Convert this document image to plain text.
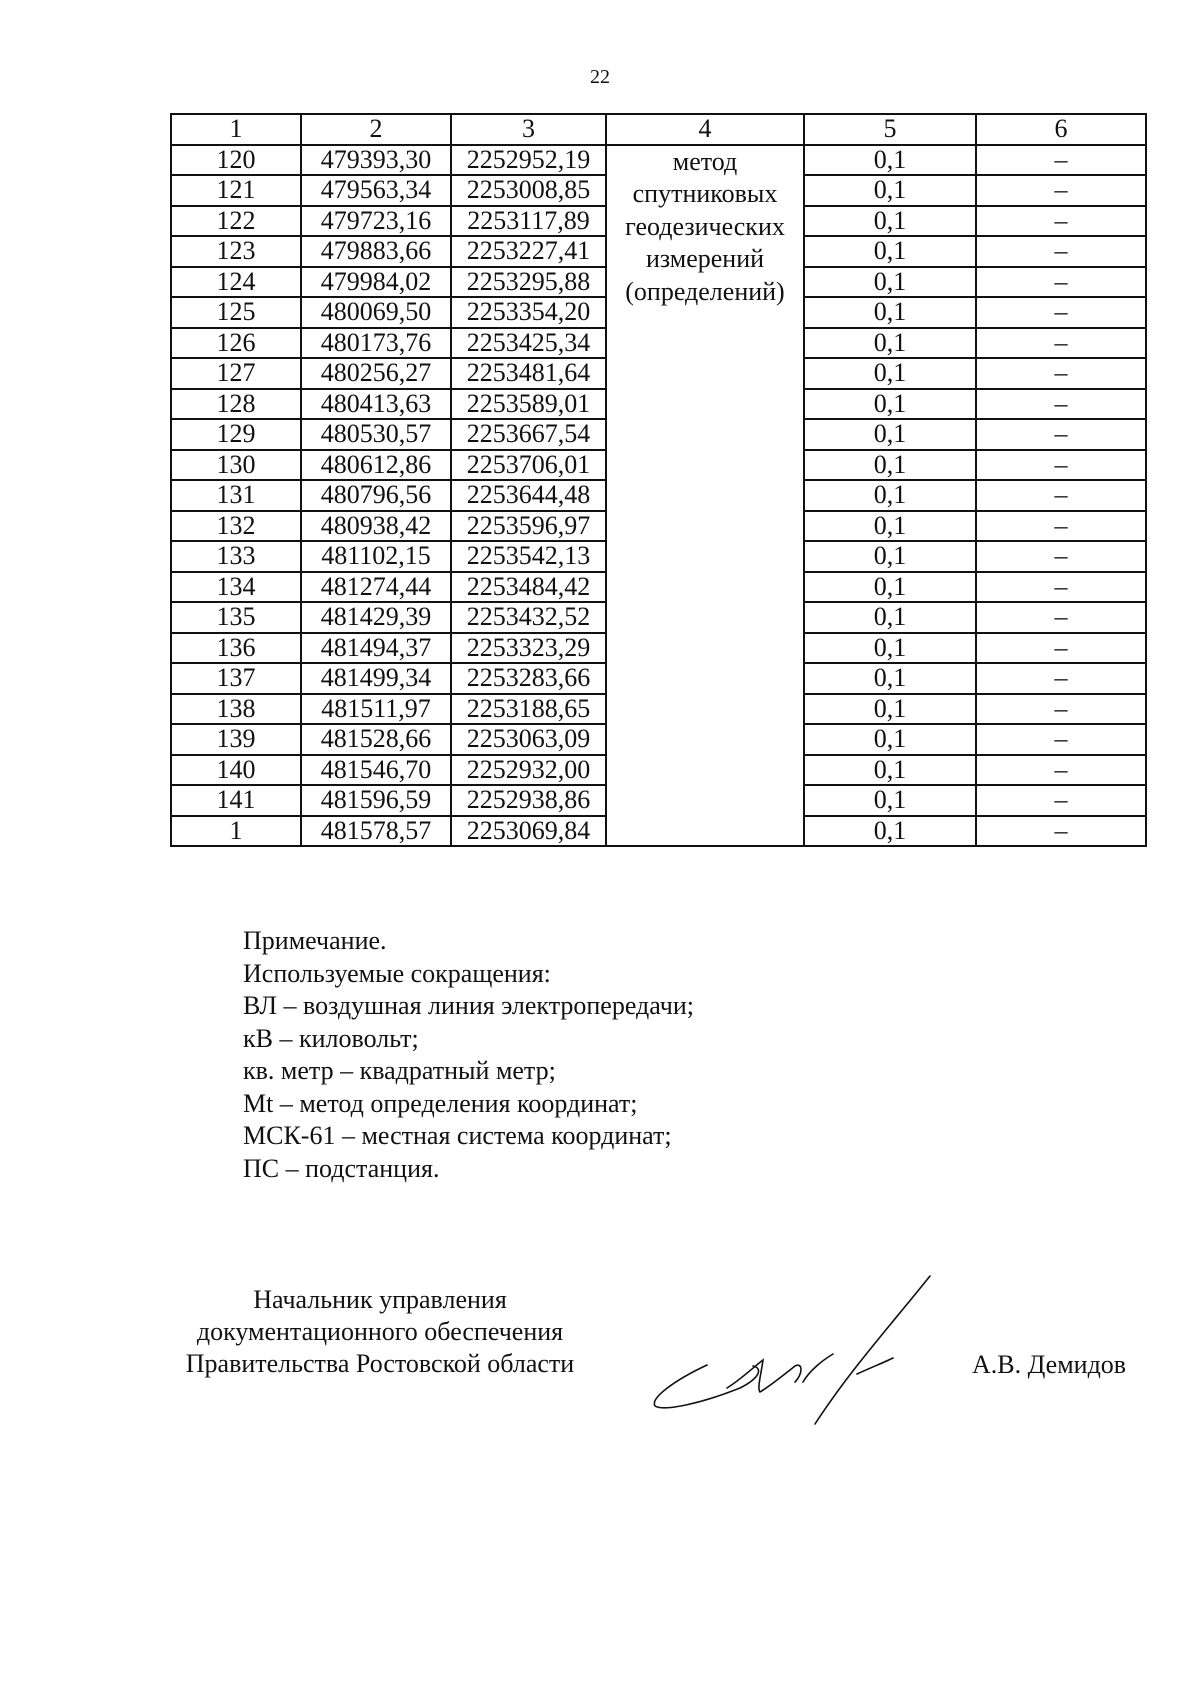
22
1	2	3	4	5	6
120	479393,30	2252952,19	метод
спутниковых
геодезических
измерений
(определений)	0,1	–
121	479563,34	2253008,85		0,1	–
122	479723,16	2253117,89		0,1	–
123	479883,66	2253227,41		0,1	–
124	479984,02	2253295,88		0,1	–
125	480069,50	2253354,20		0,1	–
126	480173,76	2253425,34		0,1	–
127	480256,27	2253481,64		0,1	–
128	480413,63	2253589,01		0,1	–
129	480530,57	2253667,54		0,1	–
130	480612,86	2253706,01		0,1	–
131	480796,56	2253644,48		0,1	–
132	480938,42	2253596,97		0,1	–
133	481102,15	2253542,13		0,1	–
134	481274,44	2253484,42		0,1	–
135	481429,39	2253432,52		0,1	–
136	481494,37	2253323,29		0,1	–
137	481499,34	2253283,66		0,1	–
138	481511,97	2253188,65		0,1	–
139	481528,66	2253063,09		0,1	–
140	481546,70	2252932,00		0,1	–
141	481596,59	2252938,86		0,1	–
1	481578,57	2253069,84		0,1	–
Примечание.
Используемые сокращения:
ВЛ – воздушная линия электропередачи;
кВ – киловольт;
кв. метр – квадратный метр;
Mt – метод определения координат;
МСК-61 – местная система координат;
ПС – подстанция.
Начальник управления
документационного обеспечения
Правительства Ростовской области	А.В. Демидов
